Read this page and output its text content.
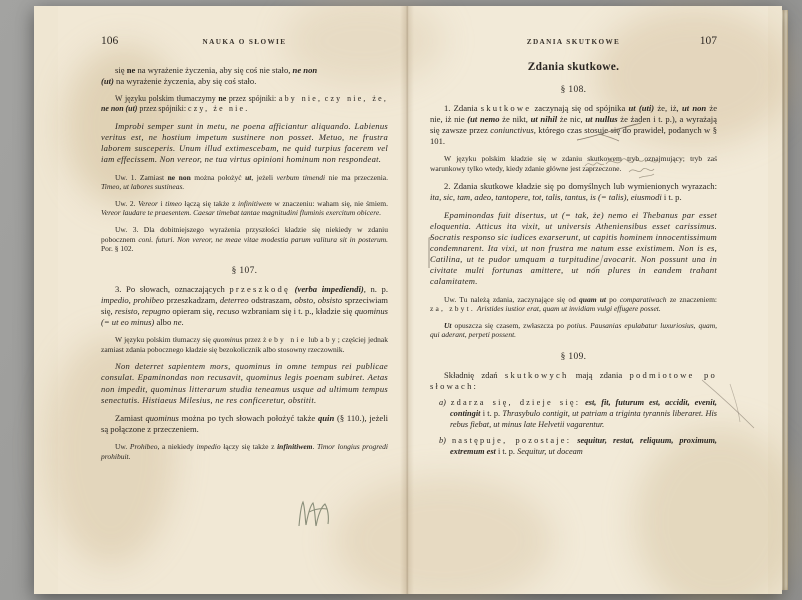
106	NAUKA O SŁOWIE

się ne na wyrażenie życzenia, aby się coś nie stało, ne non

(ut) na wyrażenie życzenia, aby się coś stało.

W języku polskim tłumaczymy ne przez spójniki: aby nie, czy nie, że, ne non (ut) przez spójniki: czy, że nie.

Improbi semper sunt in metu, ne poena afficiantur aliquando. Labienus veritus est, ne hostium impetum sustinere non posset. Metuo, ne frustra laborem susceperis. Unum illud extimescebam, ne quid turpius facerem vel iam effecissem. Non vereor, ne tua virtus opinioni hominum non respondeat.

Uw. 1. Zamiast ne non można położyć ut, jeżeli verbum timendi nie ma przeczenia. Timeo, ut labores sustineas.

Uw. 2. Vereor i timeo łączą się także z infinitiwem w znaczeniu: waham się, nie śmiem. Vereor laudare te praesentem. Caesar timebat tantae magnitudini fluminis exercitum obicere.

Uw. 3. Dla dobitniejszego wyrażenia przyszłości kładzie się niekiedy w zdaniu pobocznem coni. futuri. Non vereor, ne meae vitae modestia parum valitura sit in posterum. Por. § 102.

§ 107.

3. Po słowach, oznaczających przeszkodę (verba impediendi), n. p. impedio, prohibeo przeszkadzam, deterreo odstraszam, obsto, obsisto sprzeciwiam się, resisto, repugno opieram się, recuso wzbraniam się i t. p., kładzie się quominus (= ut eo minus) albo ne.

W języku polskim tłumaczy się quominus przez żeby nie lub aby; częściej jednak zamiast zdania pobocznego kładzie się bezokolicznik albo stosowny rzeczownik.

Non deterret sapientem mors, quominus in omne tempus rei publicae consulat. Epaminondas non recusavit, quominus legis poenam subiret. Aetas non impedit, quominus litterarum studia teneamus usque ad ultimum tempus senectutis. Histiaeus Milesius, ne res conficeretur, obstitit.

Zamiast quominus można po tych słowach położyć także quin (§ 110.), jeżeli są połączone z przeczeniem.

Uw. Prohibeo, a niekiedy impedio łączy się także z infinitiwem. Timor longius progredi prohibuit.

ZDANIA SKUTKOWE	107
Zdania skutkowe.

§ 108.

1. Zdania skutkowe zaczynają się od spójnika ut (uti) że, iż, ut non że nie, iż nie (ut nemo że nikt, ut nihil że nic, ut nullus że żaden i t. p.), a wyrażają się zawsze przez coniunctivus, którego czas stosuje się do prawideł, podanych w § 101.

W języku polskim kładzie się w zdaniu skutkowem tryb oznajmujący; tryb zaś warunkowy tylko wtedy, kiedy zdanie główne jest zaprzeczone.

2. Zdania skutkowe kładzie się po domyślnych lub wymienionych wyrazach: ita, sic, tam, adeo, tantopere, tot, talis, tantus, is (= talis), eiusmodi i t. p.

Epaminondas fuit disertus, ut (= tak, że) nemo ei Thebanus par esset eloquentia. Atticus ita vixit, ut universis Atheniensibus esset carissimus. Socratis responso sic iudices exarserunt, ut capitis hominem innocentissimum condemnarent. Ita vixi, ut non frustra me natum esse existimem. Non is es, Catilina, ut te pudor umquam a turpitudine avocarit. Non possunt una in civitate multi fortunas amittere, ut non plures in eandem trahant calamitatem.

Uw. Tu należą zdania, zaczynające się od quam ut po comparatiwach ze znaczeniem: za, zbyt. Aristides iustior erat, quam ut invidiam vulgi effugere posset.

Ut opuszcza się czasem, zwłaszcza po potius. Pausanias epulabatur luxuriosius, quam, qui aderant, perpeti possent.

§ 109.

Składnię zdań skutkowych mają zdania podmiotowe po słowach:

a) zdarza się, dzieje się: est, fit, futurum est, accidit, evenit, contingit i t. p. Thrasybulo contigit, ut patriam a triginta tyrannis liberaret. His rebus fiebat, ut minus late Helvetii vagarentur.

b) następuje, pozostaje: sequitur, restat, reliquum, proximum, extremum est i t. p. Sequitur, ut doceam
